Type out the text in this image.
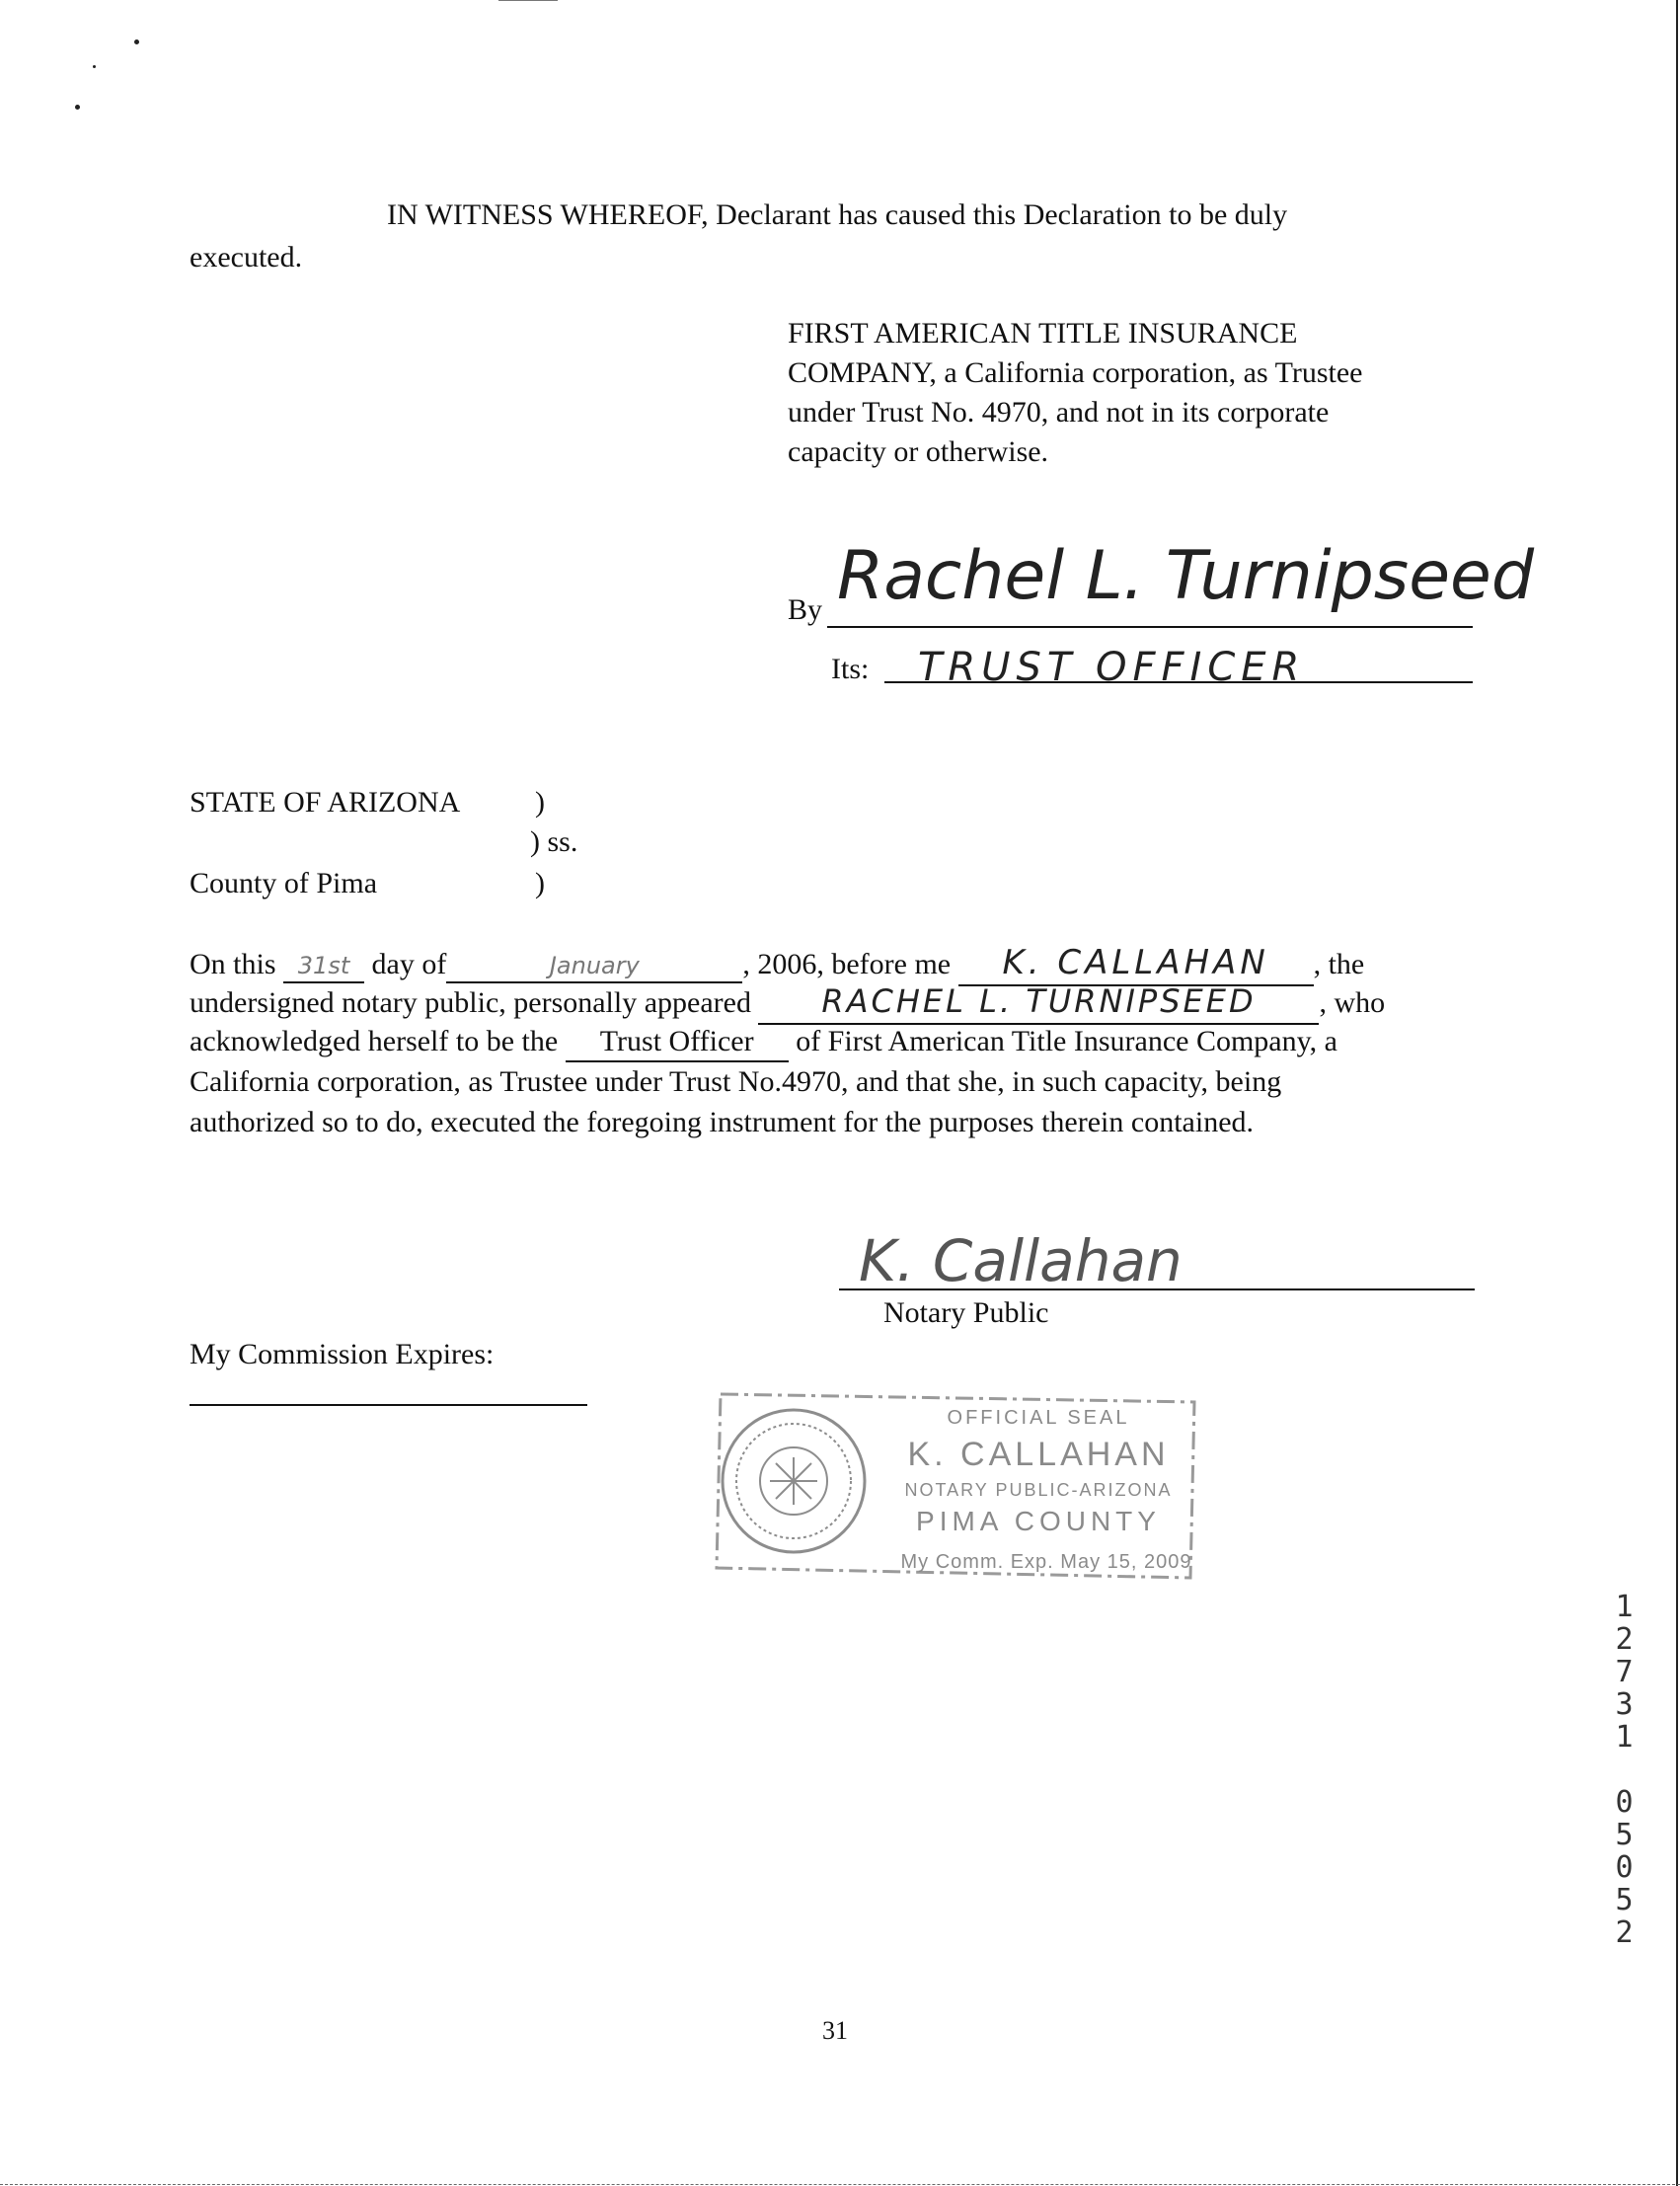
IN WITNESS WHEREOF, Declarant has caused this Declaration to be duly
executed.
FIRST AMERICAN TITLE INSURANCE
COMPANY, a California corporation, as Trustee
under Trust No. 4970, and not in its corporate
capacity or otherwise.
By Rachel L. Turnipseed
Its: TRUST OFFICER
STATE OF ARIZONA	)
) ss.
County of Pima	)
On this 31st day of	January	, 2006, before me K. CALLAHAN , the
undersigned notary public, personally appeared RACHEL L. TURNIPSEED , who
acknowledged herself to be the Trust Officer of First American Title Insurance Company, a
California corporation, as Trustee under Trust No.4970, and that she, in such capacity, being
authorized so to do, executed the foregoing instrument for the purposes therein contained.
K. Callahan
Notary Public
My Commission Expires:
OFFICIAL SEAL
K. CALLAHAN
NOTARY PUBLIC-ARIZONA
PIMA COUNTY
My Comm. Exp. May 15, 2009
12731 05052
31
